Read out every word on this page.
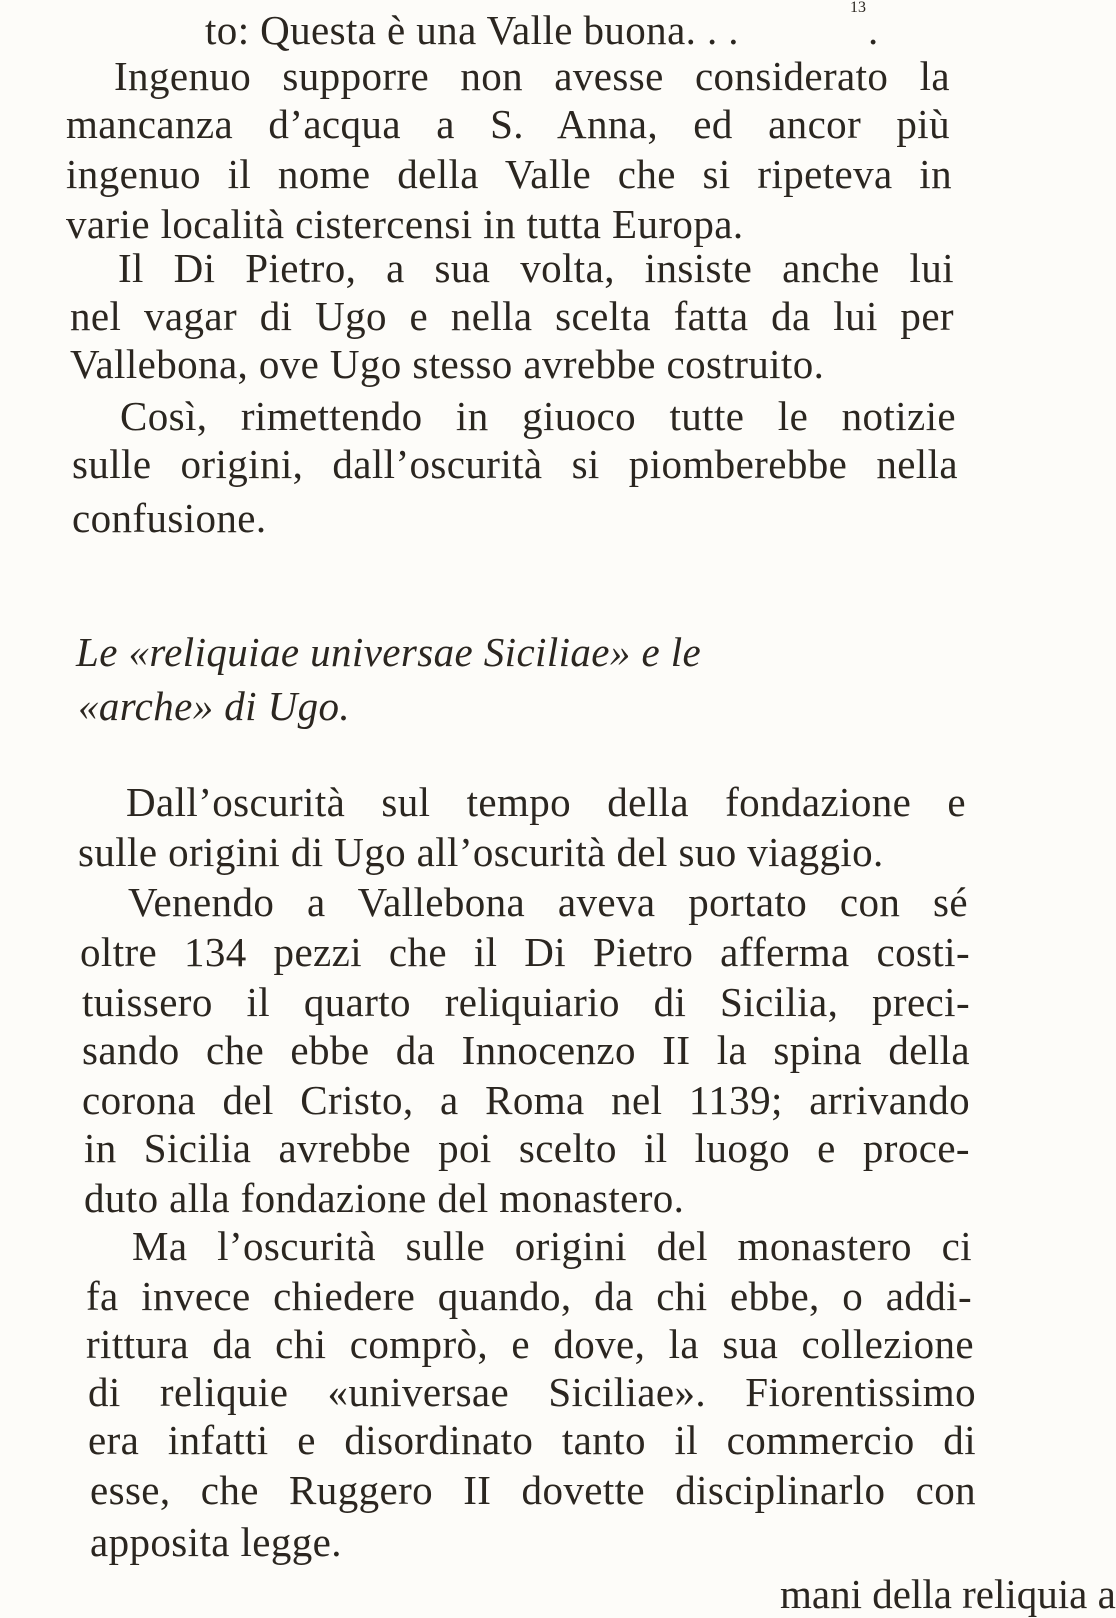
to: Questa è una Valle buona. . .	.
13
Ingenuo supporre non avesse considerato la
mancanza d’acqua a S. Anna, ed ancor più
ingenuo il nome della Valle che si ripeteva in
varie località cistercensi in tutta Europa.
Il Di Pietro, a sua volta, insiste anche lui
nel vagar di Ugo e nella scelta fatta da lui per
Vallebona, ove Ugo stesso avrebbe costruito.
Così, rimettendo in giuoco tutte le notizie
sulle origini, dall’oscurità si piomberebbe nella
confusione.
Le «reliquiae universae Siciliae» e le
«arche» di Ugo.
Dall’oscurità sul tempo della fondazione e
sulle origini di Ugo all’oscurità del suo viaggio.
Venendo a Vallebona aveva portato con sé
oltre 134 pezzi che il Di Pietro afferma costi-
tuissero il quarto reliquiario di Sicilia, preci-
sando che ebbe da Innocenzo II la spina della
corona del Cristo, a Roma nel 1139; arrivando
in Sicilia avrebbe poi scelto il luogo e proce-
duto alla fondazione del monastero.
Ma l’oscurità sulle origini del monastero ci
fa invece chiedere quando, da chi ebbe, o addi-
rittura da chi comprò, e dove, la sua collezione
di reliquie «universae Siciliae». Fiorentissimo
era infatti e disordinato tanto il commercio di
esse, che Ruggero II dovette disciplinarlo con
apposita legge.
mani della reliquia a
